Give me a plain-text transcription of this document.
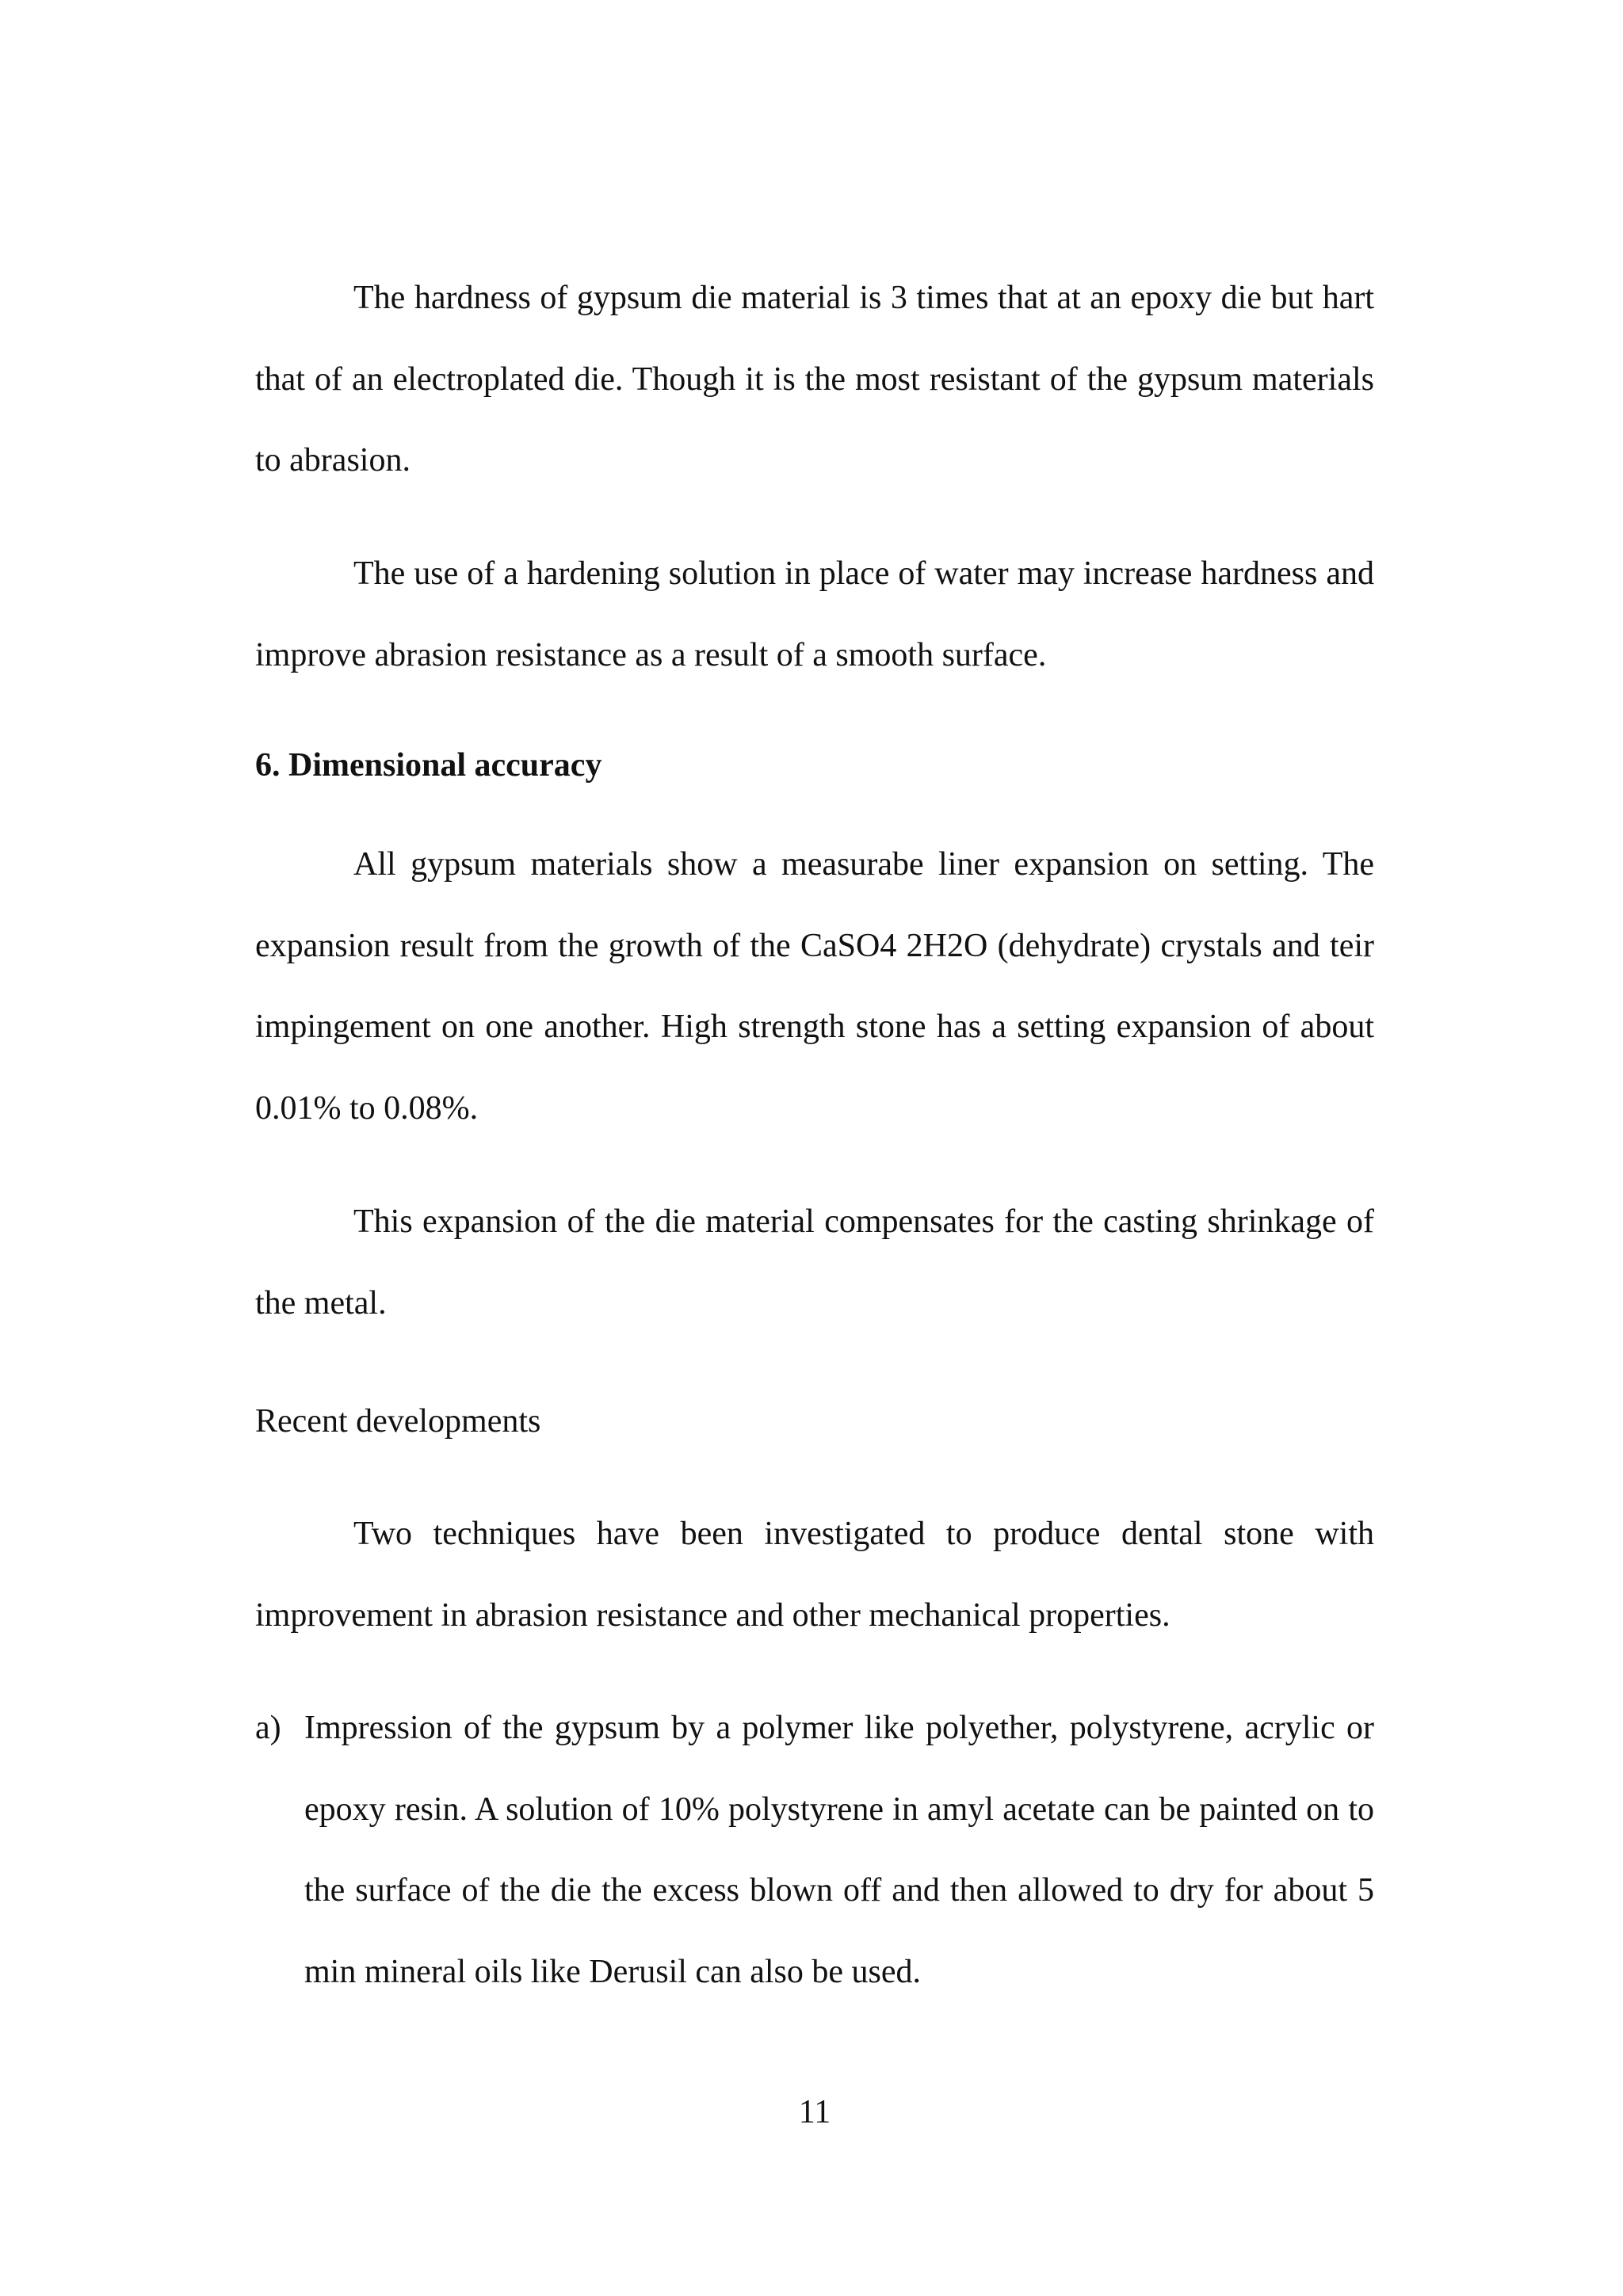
The hardness of gypsum die material is 3 times that at an epoxy die but hart that of an electroplated die. Though it is the most resistant of the gypsum materials to abrasion.

The use of a hardening solution in place of water may increase hardness and improve abrasion resistance as a result of a smooth surface.

6. Dimensional accuracy

All gypsum materials show a measurabe liner expansion on setting. The expansion result from the growth of the CaSO4 2H2O (dehydrate) crystals and teir impingement on one another. High strength stone has a setting expansion of about 0.01% to 0.08%.

This expansion of the die material compensates for the casting shrinkage of the metal.

Recent developments

Two techniques have been investigated to produce dental stone with improvement in abrasion resistance and other mechanical properties.

a) Impression of the gypsum by a polymer like polyether, polystyrene, acrylic or epoxy resin. A solution of 10% polystyrene in amyl acetate can be painted on to the surface of the die the excess blown off and then allowed to dry for about 5 min mineral oils like Derusil can also be used.

11
